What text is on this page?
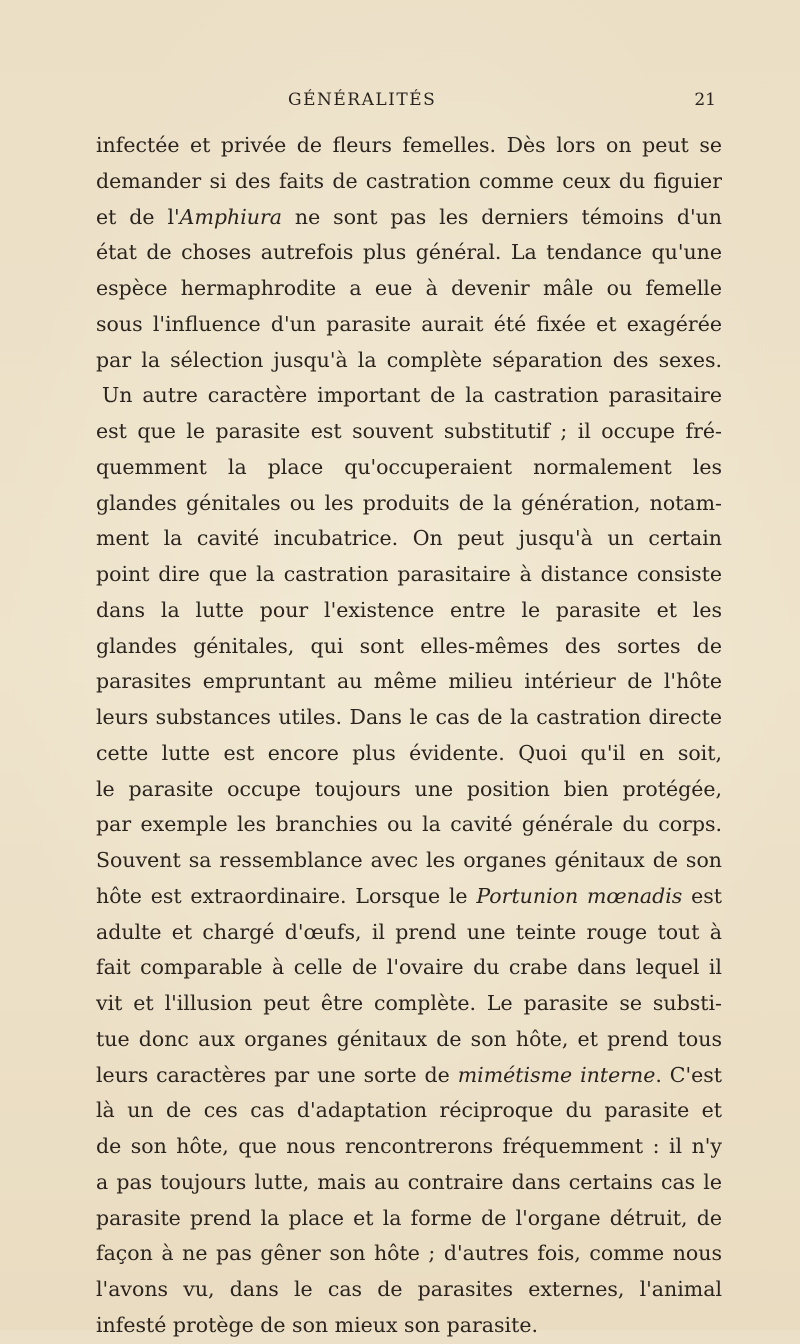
GÉNÉRALITÉS	21
infectée et privée de fleurs femelles. Dès lors on peut se
demander si des faits de castration comme ceux du figuier
et de l'Amphiura ne sont pas les derniers témoins d'un
état de choses autrefois plus général. La tendance qu'une
espèce hermaphrodite a eue à devenir mâle ou femelle
sous l'influence d'un parasite aurait été fixée et exagérée
par la sélection jusqu'à la complète séparation des sexes.
Un autre caractère important de la castration parasitaire
est que le parasite est souvent substitutif ; il occupe fré-
quemment la place qu'occuperaient normalement les
glandes génitales ou les produits de la génération, notam-
ment la cavité incubatrice. On peut jusqu'à un certain
point dire que la castration parasitaire à distance consiste
dans la lutte pour l'existence entre le parasite et les
glandes génitales, qui sont elles-mêmes des sortes de
parasites empruntant au même milieu intérieur de l'hôte
leurs substances utiles. Dans le cas de la castration directe
cette lutte est encore plus évidente. Quoi qu'il en soit,
le parasite occupe toujours une position bien protégée,
par exemple les branchies ou la cavité générale du corps.
Souvent sa ressemblance avec les organes génitaux de son
hôte est extraordinaire. Lorsque le Portunion mœnadis est
adulte et chargé d'œufs, il prend une teinte rouge tout à
fait comparable à celle de l'ovaire du crabe dans lequel il
vit et l'illusion peut être complète. Le parasite se substi-
tue donc aux organes génitaux de son hôte, et prend tous
leurs caractères par une sorte de mimétisme interne. C'est
là un de ces cas d'adaptation réciproque du parasite et
de son hôte, que nous rencontrerons fréquemment : il n'y
a pas toujours lutte, mais au contraire dans certains cas le
parasite prend la place et la forme de l'organe détruit, de
façon à ne pas gêner son hôte ; d'autres fois, comme nous
l'avons vu, dans le cas de parasites externes, l'animal
infesté protège de son mieux son parasite.
